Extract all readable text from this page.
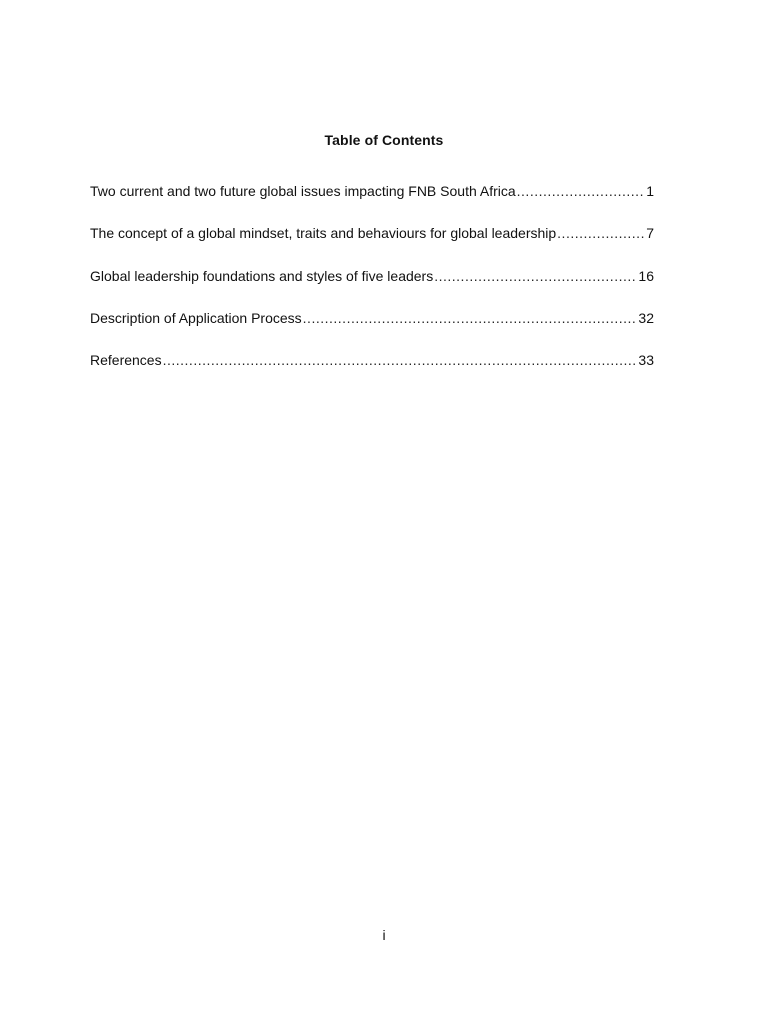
Table of Contents
Two current and two future global issues impacting FNB South Africa .....	1
The concept of a global mindset, traits and behaviours for global leadership .....	7
Global leadership foundations and styles of five leaders .....	16
Description of Application Process .....	32
References .....	33
i
